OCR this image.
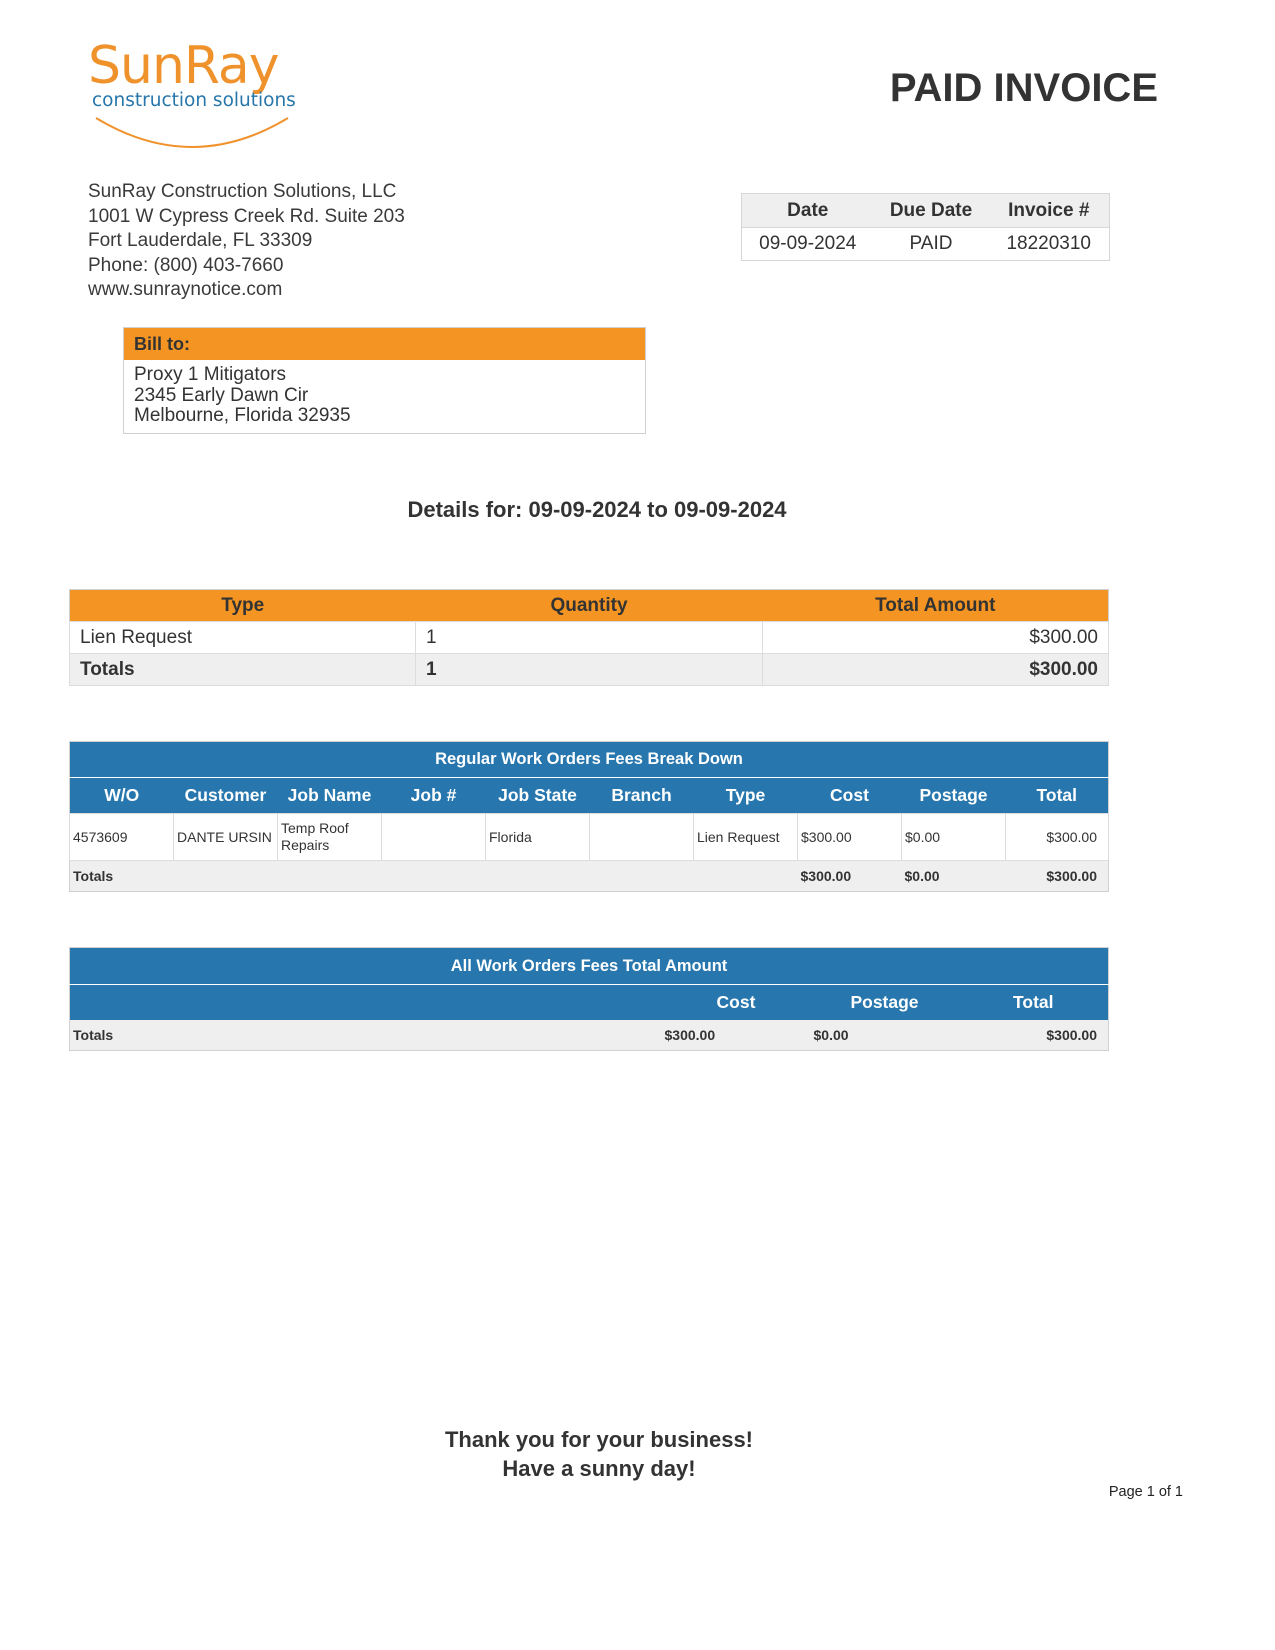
SunRay
construction solutions	PAID INVOICE
SunRay Construction Solutions, LLC
1001 W Cypress Creek Rd. Suite 203
Fort Lauderdale, FL 33309
Phone: (800) 403-7660
www.sunraynotice.com
Date	Due Date	Invoice #
09-09-2024	PAID	18220310
Bill to:
Proxy 1 Mitigators
2345 Early Dawn Cir
Melbourne, Florida 32935
Details for: 09-09-2024 to 09-09-2024
Type	Quantity	Total Amount
Lien Request	1	$300.00
Totals	1	$300.00
Regular Work Orders Fees Break Down									
W/O	Customer	Job Name	Job #	Job State	Branch	Type	Cost	Postage	Total
4573609	DANTE URSIN	Temp Roof Repairs		Florida		Lien Request	$300.00	$0.00	$300.00
Totals							$300.00	$0.00	$300.00
All Work Orders Fees Total Amount			
	Cost	Postage	Total
Totals	$300.00	$0.00	$300.00
Thank you for your business!
Have a sunny day!
Page 1 of 1
